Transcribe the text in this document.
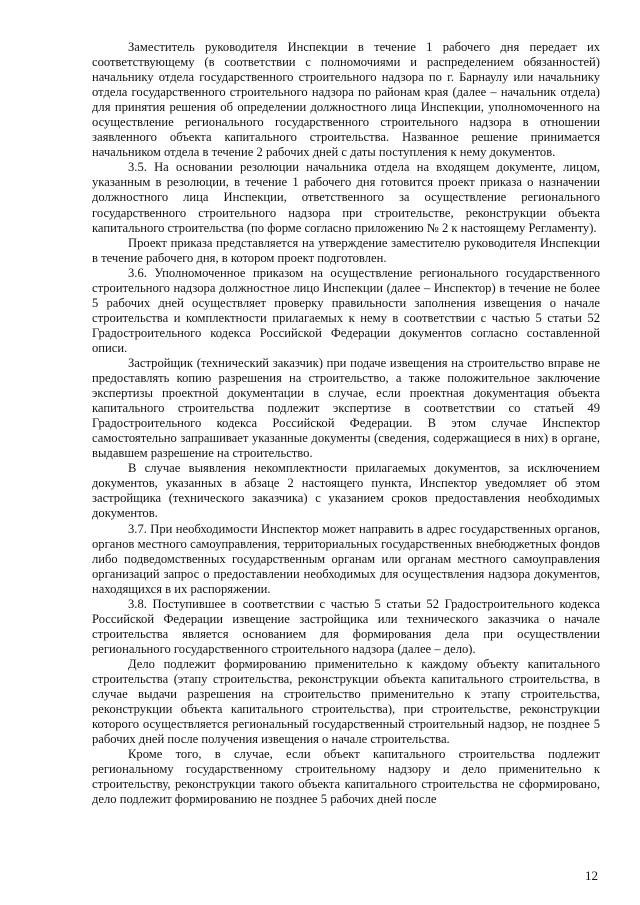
Заместитель руководителя Инспекции в течение 1 рабочего дня передает их соответствующему (в соответствии с полномочиями и распределением обязанностей) начальнику отдела государственного строительного надзора по г. Барнаулу или начальнику отдела государственного строительного надзора по районам края (далее – начальник отдела) для принятия решения об определении должностного лица Инспекции, уполномоченного на осуществление регионального государственного строительного надзора в отношении заявленного объекта капитального строительства. Названное решение принимается начальником отдела в течение 2 рабочих дней с даты поступления к нему документов.

3.5. На основании резолюции начальника отдела на входящем документе, лицом, указанным в резолюции, в течение 1 рабочего дня готовится проект приказа о назначении должностного лица Инспекции, ответственного за осуществление регионального государственного строительного надзора при строительстве, реконструкции объекта капитального строительства (по форме согласно приложению № 2 к настоящему Регламенту).

Проект приказа представляется на утверждение заместителю руководителя Инспекции в течение рабочего дня, в котором проект подготовлен.

3.6. Уполномоченное приказом на осуществление регионального государственного строительного надзора должностное лицо Инспекции (далее – Инспектор) в течение не более 5 рабочих дней осуществляет проверку правильности заполнения извещения о начале строительства и комплектности прилагаемых к нему в соответствии с частью 5 статьи 52 Градостроительного кодекса Российской Федерации документов согласно составленной описи.

Застройщик (технический заказчик) при подаче извещения на строительство вправе не предоставлять копию разрешения на строительство, а также положительное заключение экспертизы проектной документации в случае, если проектная документация объекта капитального строительства подлежит экспертизе в соответствии со статьей 49 Градостроительного кодекса Российской Федерации. В этом случае Инспектор самостоятельно запрашивает указанные документы (сведения, содержащиеся в них) в органе, выдавшем разрешение на строительство.

В случае выявления некомплектности прилагаемых документов, за исключением документов, указанных в абзаце 2 настоящего пункта, Инспектор уведомляет об этом застройщика (технического заказчика) с указанием сроков предоставления необходимых документов.

3.7. При необходимости Инспектор может направить в адрес государственных органов, органов местного самоуправления, территориальных государственных внебюджетных фондов либо подведомственных государственным органам или органам местного самоуправления организаций запрос о предоставлении необходимых для осуществления надзора документов, находящихся в их распоряжении.

3.8. Поступившее в соответствии с частью 5 статьи 52 Градостроительного кодекса Российской Федерации извещение застройщика или технического заказчика о начале строительства является основанием для формирования дела при осуществлении регионального государственного строительного надзора (далее – дело).

Дело подлежит формированию применительно к каждому объекту капитального строительства (этапу строительства, реконструкции объекта капитального строительства, в случае выдачи разрешения на строительство применительно к этапу строительства, реконструкции объекта капитального строительства), при строительстве, реконструкции которого осуществляется региональный государственный строительный надзор, не позднее 5 рабочих дней после получения извещения о начале строительства.

Кроме того, в случае, если объект капитального строительства подлежит региональному государственному строительному надзору и дело применительно к строительству, реконструкции такого объекта капитального строительства не сформировано, дело подлежит формированию не позднее 5 рабочих дней после

12
